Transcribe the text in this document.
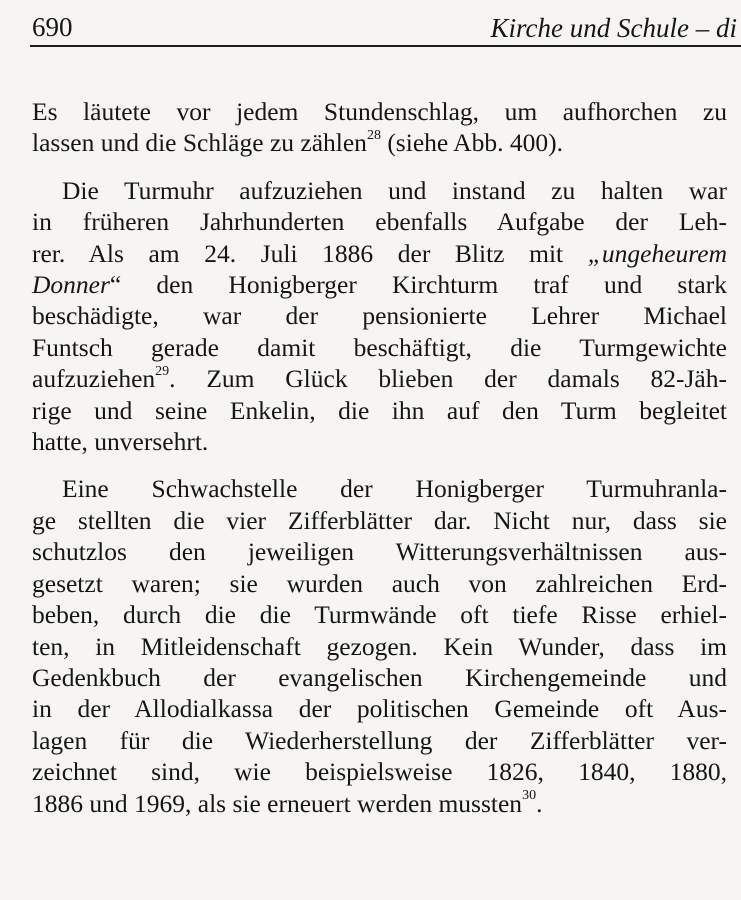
690	Kirche und Schule – di

Es läutete vor jedem Stundenschlag, um aufhorchen zu
lassen und die Schläge zu zählen$^{28}$ (siehe Abb. 400).

Die Turmuhr aufzuziehen und instand zu halten war
in früheren Jahrhunderten ebenfalls Aufgabe der Leh-
rer. Als am 24. Juli 1886 der Blitz mit „ungeheurem
Donner“ den Honigberger Kirchturm traf und stark
beschädigte, war der pensionierte Lehrer Michael
Funtsch gerade damit beschäftigt, die Turmgewichte
aufzuziehen$^{29}$. Zum Glück blieben der damals 82-Jäh-
rige und seine Enkelin, die ihn auf den Turm begleitet
hatte, unversehrt.

Eine Schwachstelle der Honigberger Turmuhranla-
ge stellten die vier Zifferblätter dar. Nicht nur, dass sie
schutzlos den jeweiligen Witterungsverhältnissen aus-
gesetzt waren; sie wurden auch von zahlreichen Erd-
beben, durch die die Turmwände oft tiefe Risse erhiel-
ten, in Mitleidenschaft gezogen. Kein Wunder, dass im
Gedenkbuch der evangelischen Kirchengemeinde und
in der Allodialkassa der politischen Gemeinde oft Aus-
lagen für die Wiederherstellung der Zifferblätter ver-
zeichnet sind, wie beispielsweise 1826, 1840, 1880,
1886 und 1969, als sie erneuert werden mussten$^{30}$.
